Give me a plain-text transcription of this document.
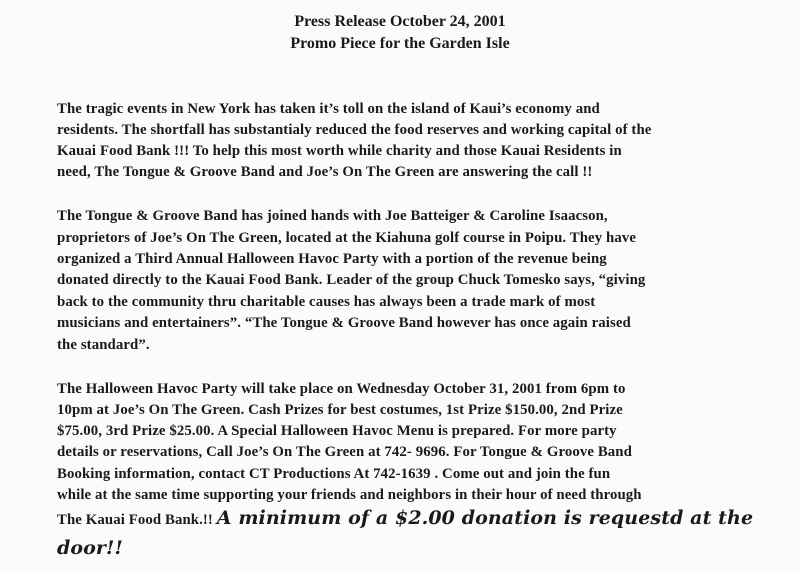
Press Release October 24, 2001
Promo Piece for the Garden Isle
The tragic events in New York has taken it’s toll on the island of Kaui’s economy and
residents. The shortfall has substantialy reduced the food reserves and working capital of the
Kauai Food Bank !!! To help this most worth while charity and those Kauai Residents in
need, The Tongue & Groove Band and Joe’s On The Green are answering the call !!
The Tongue & Groove Band has joined hands with Joe Batteiger & Caroline Isaacson,
proprietors of Joe’s On The Green, located at the Kiahuna golf course in Poipu. They have
organized a Third Annual Halloween Havoc Party with a portion of the revenue being
donated directly to the Kauai Food Bank. Leader of the group Chuck Tomesko says, “giving
back to the community thru charitable causes has always been a trade mark of most
musicians and entertainers”. “The Tongue & Groove Band however has once again raised
the standard”.
The Halloween Havoc Party will take place on Wednesday October 31, 2001 from 6pm to
10pm at Joe’s On The Green. Cash Prizes for best costumes, 1st Prize $150.00, 2nd Prize
$75.00, 3rd Prize $25.00. A Special Halloween Havoc Menu is prepared. For more party
details or reservations, Call Joe’s On The Green at 742- 9696. For Tongue & Groove Band
Booking information, contact CT Productions At 742-1639 . Come out and join the fun
while at the same time supporting your friends and neighbors in their hour of need through
The Kauai Food Bank.!! A minimum of a $2.00 donation is requestd at the
door!!
